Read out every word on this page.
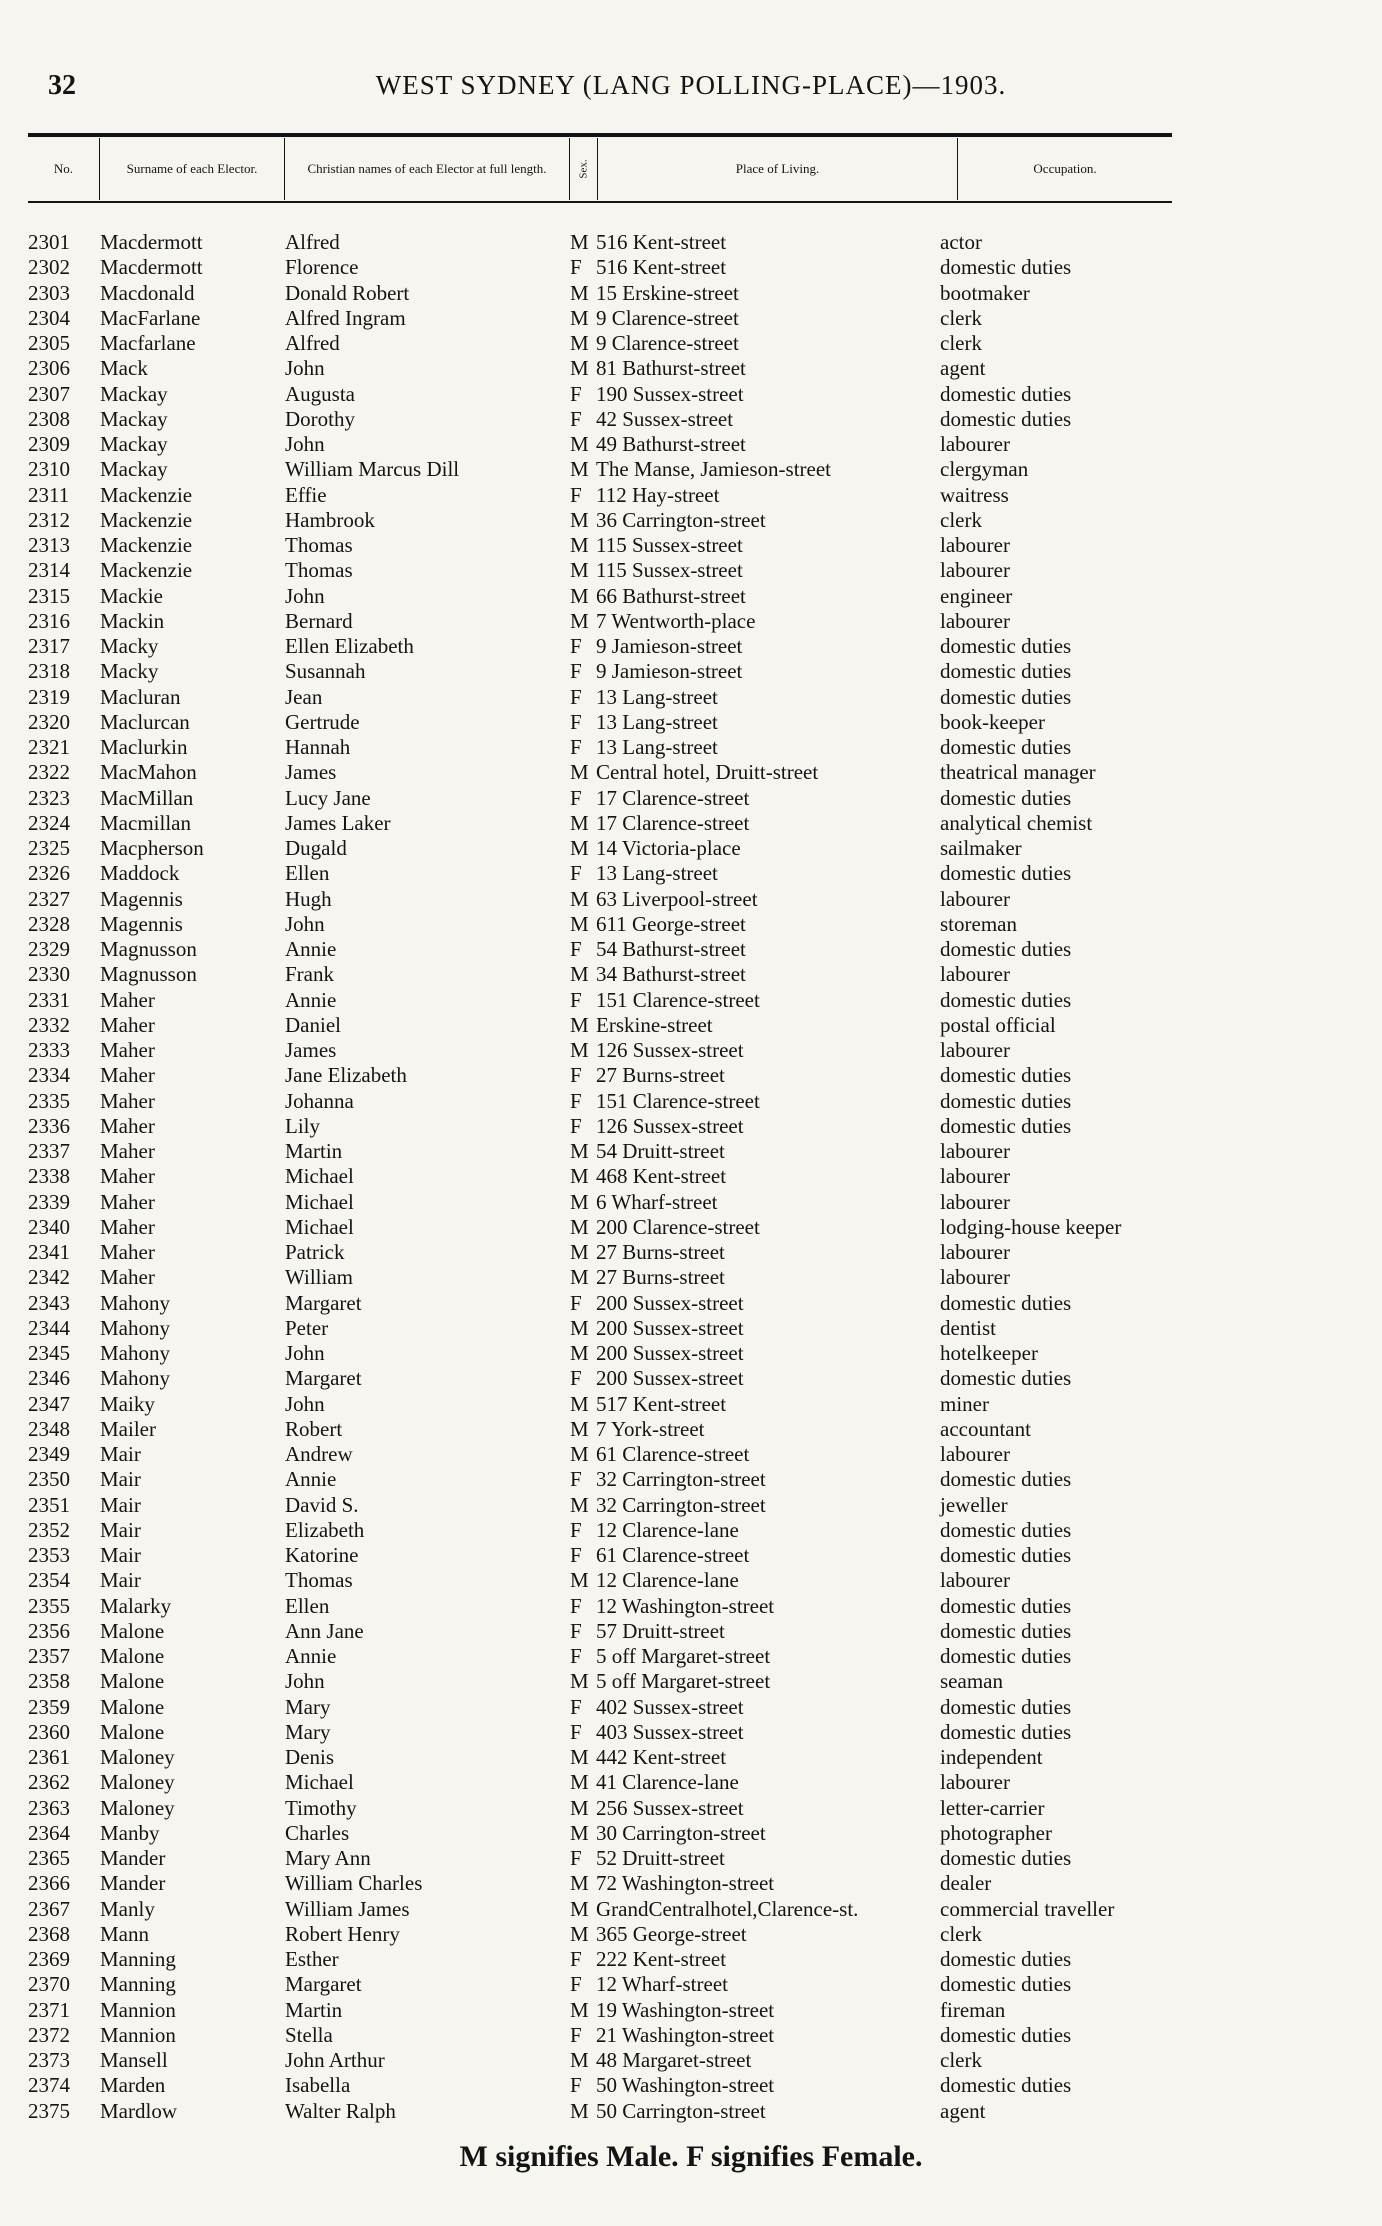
32	WEST SYDNEY (LANG POLLING-PLACE)—1903.
No.	Surname of each Elector.	Christian names of each Elector at full length.	Sex.	Place of Living.	Occupation.
2301 Macdermott	Alfred	M 516 Kent-street	actor
2302 Macdermott	Florence	F 516 Kent-street	domestic duties
2303 Macdonald	Donald Robert	M 15 Erskine-street	bootmaker
2304 MacFarlane	Alfred Ingram	M 9 Clarence-street	clerk
2305 Macfarlane	Alfred	M 9 Clarence-street	clerk
2306 Mack	John	M 81 Bathurst-street	agent
2307 Mackay	Augusta	F 190 Sussex-street	domestic duties
2308 Mackay	Dorothy	F 42 Sussex-street	domestic duties
2309 Mackay	John	M 49 Bathurst-street	labourer
2310 Mackay	William Marcus Dill	M The Manse, Jamieson-street	clergyman
2311 Mackenzie	Effie	F 112 Hay-street	waitress
2312 Mackenzie	Hambrook	M 36 Carrington-street	clerk
2313 Mackenzie	Thomas	M 115 Sussex-street	labourer
2314 Mackenzie	Thomas	M 115 Sussex-street	labourer
2315 Mackie	John	M 66 Bathurst-street	engineer
2316 Mackin	Bernard	M 7 Wentworth-place	labourer
2317 Macky	Ellen Elizabeth	F 9 Jamieson-street	domestic duties
2318 Macky	Susannah	F 9 Jamieson-street	domestic duties
2319 Macluran	Jean	F 13 Lang-street	domestic duties
2320 Maclurcan	Gertrude	F 13 Lang-street	book-keeper
2321 Maclurkin	Hannah	F 13 Lang-street	domestic duties
2322 MacMahon	James	M Central hotel, Druitt-street	theatrical manager
2323 MacMillan	Lucy Jane	F 17 Clarence-street	domestic duties
2324 Macmillan	James Laker	M 17 Clarence-street	analytical chemist
2325 Macpherson	Dugald	M 14 Victoria-place	sailmaker
2326 Maddock	Ellen	F 13 Lang-street	domestic duties
2327 Magennis	Hugh	M 63 Liverpool-street	labourer
2328 Magennis	John	M 611 George-street	storeman
2329 Magnusson	Annie	F 54 Bathurst-street	domestic duties
2330 Magnusson	Frank	M 34 Bathurst-street	labourer
2331 Maher	Annie	F 151 Clarence-street	domestic duties
2332 Maher	Daniel	M Erskine-street	postal official
2333 Maher	James	M 126 Sussex-street	labourer
2334 Maher	Jane Elizabeth	F 27 Burns-street	domestic duties
2335 Maher	Johanna	F 151 Clarence-street	domestic duties
2336 Maher	Lily	F 126 Sussex-street	domestic duties
2337 Maher	Martin	M 54 Druitt-street	labourer
2338 Maher	Michael	M 468 Kent-street	labourer
2339 Maher	Michael	M 6 Wharf-street	labourer
2340 Maher	Michael	M 200 Clarence-street	lodging-house keeper
2341 Maher	Patrick	M 27 Burns-street	labourer
2342 Maher	William	M 27 Burns-street	labourer
2343 Mahony	Margaret	F 200 Sussex-street	domestic duties
2344 Mahony	Peter	M 200 Sussex-street	dentist
2345 Mahony	John	M 200 Sussex-street	hotelkeeper
2346 Mahony	Margaret	F 200 Sussex-street	domestic duties
2347 Maiky	John	M 517 Kent-street	miner
2348 Mailer	Robert	M 7 York-street	accountant
2349 Mair	Andrew	M 61 Clarence-street	labourer
2350 Mair	Annie	F 32 Carrington-street	domestic duties
2351 Mair	David S.	M 32 Carrington-street	jeweller
2352 Mair	Elizabeth	F 12 Clarence-lane	domestic duties
2353 Mair	Katorine	F 61 Clarence-street	domestic duties
2354 Mair	Thomas	M 12 Clarence-lane	labourer
2355 Malarky	Ellen	F 12 Washington-street	domestic duties
2356 Malone	Ann Jane	F 57 Druitt-street	domestic duties
2357 Malone	Annie	F 5 off Margaret-street	domestic duties
2358 Malone	John	M 5 off Margaret-street	seaman
2359 Malone	Mary	F 402 Sussex-street	domestic duties
2360 Malone	Mary	F 403 Sussex-street	domestic duties
2361 Maloney	Denis	M 442 Kent-street	independent
2362 Maloney	Michael	M 41 Clarence-lane	labourer
2363 Maloney	Timothy	M 256 Sussex-street	letter-carrier
2364 Manby	Charles	M 30 Carrington-street	photographer
2365 Mander	Mary Ann	F 52 Druitt-street	domestic duties
2366 Mander	William Charles	M 72 Washington-street	dealer
2367 Manly	William James	M GrandCentralhotel,Clarence-st.	commercial traveller
2368 Mann	Robert Henry	M 365 George-street	clerk
2369 Manning	Esther	F 222 Kent-street	domestic duties
2370 Manning	Margaret	F 12 Wharf-street	domestic duties
2371 Mannion	Martin	M 19 Washington-street	fireman
2372 Mannion	Stella	F 21 Washington-street	domestic duties
2373 Mansell	John Arthur	M 48 Margaret-street	clerk
2374 Marden	Isabella	F 50 Washington-street	domestic duties
2375 Mardlow	Walter Ralph	M 50 Carrington-street	agent
M signifies Male. F signifies Female.
